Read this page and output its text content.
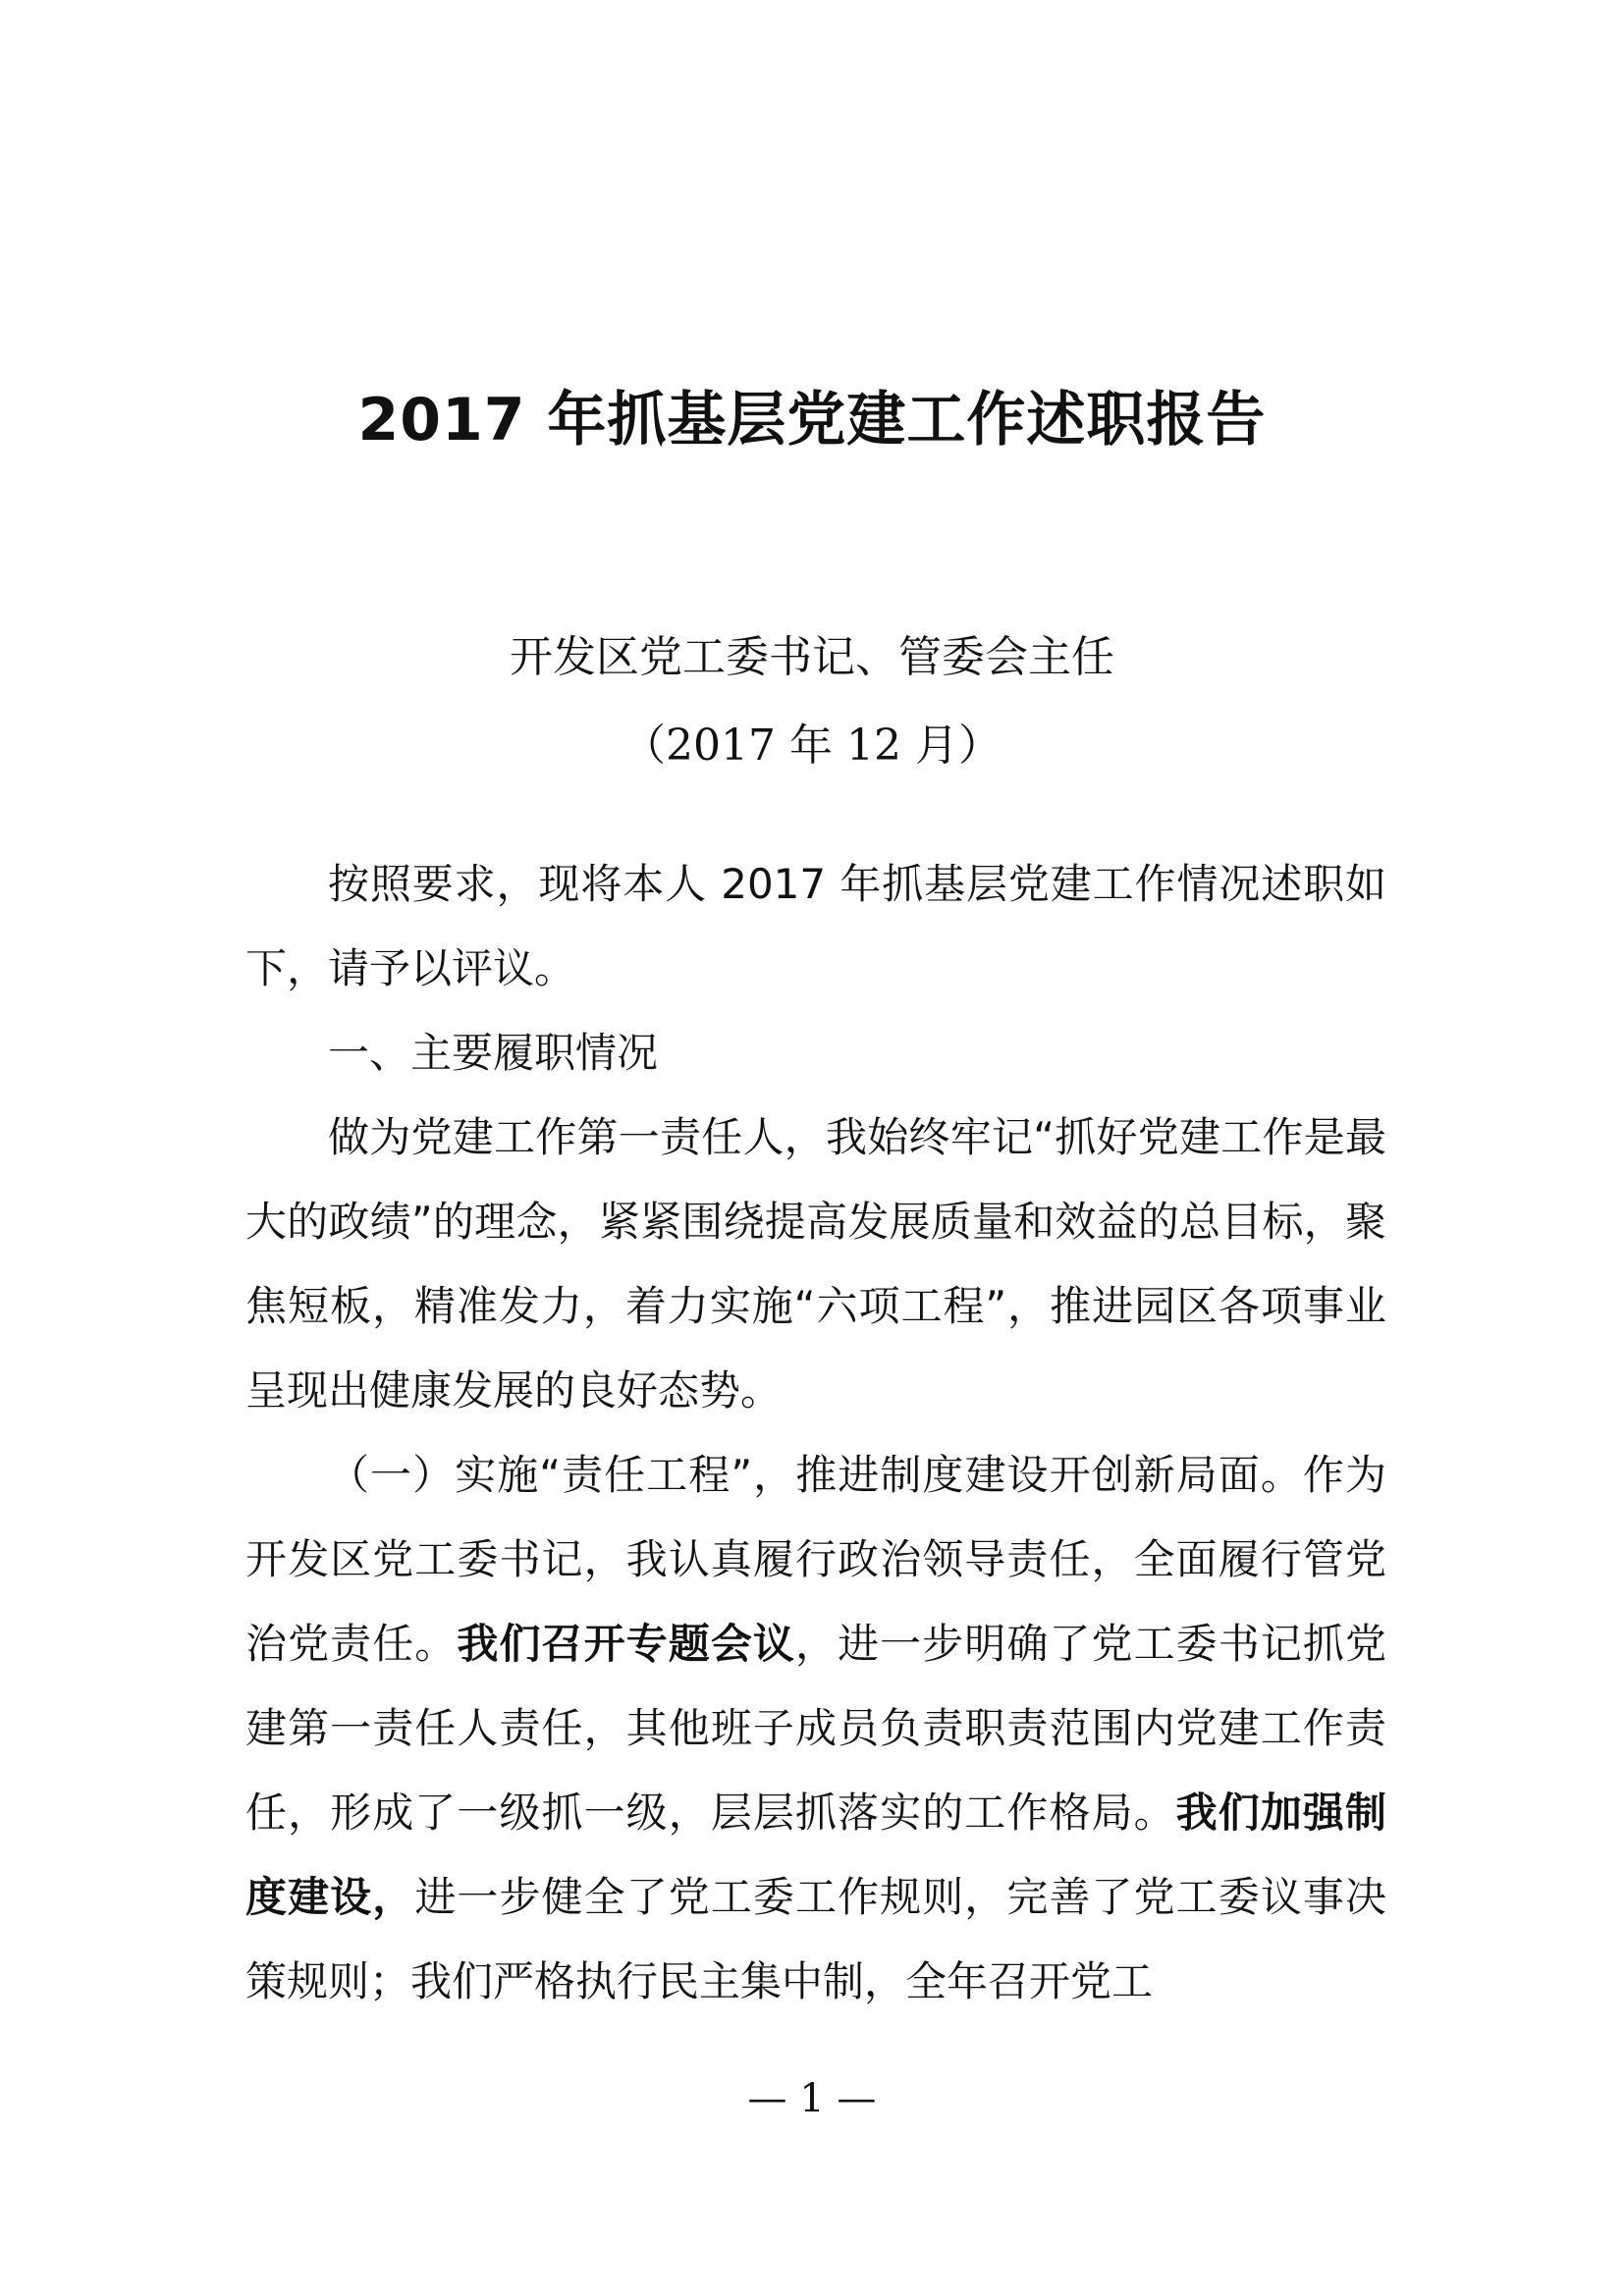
2017 年抓基层党建工作述职报告
开发区党工委书记、管委会主任
（2017 年 12 月）

按照要求，现将本人 2017 年抓基层党建工作情况述职如下，请予以评议。

一、主要履职情况

做为党建工作第一责任人，我始终牢记“抓好党建工作是最大的政绩”的理念，紧紧围绕提高发展质量和效益的总目标，聚焦短板，精准发力，着力实施“六项工程”，推进园区各项事业呈现出健康发展的良好态势。

（一）实施“责任工程”，推进制度建设开创新局面。作为开发区党工委书记，我认真履行政治领导责任，全面履行管党治党责任。我们召开专题会议，进一步明确了党工委书记抓党建第一责任人责任，其他班子成员负责职责范围内党建工作责任，形成了一级抓一级，层层抓落实的工作格局。我们加强制度建设，进一步健全了党工委工作规则，完善了党工委议事决策规则；我们严格执行民主集中制，全年召开党工

— 1 —
